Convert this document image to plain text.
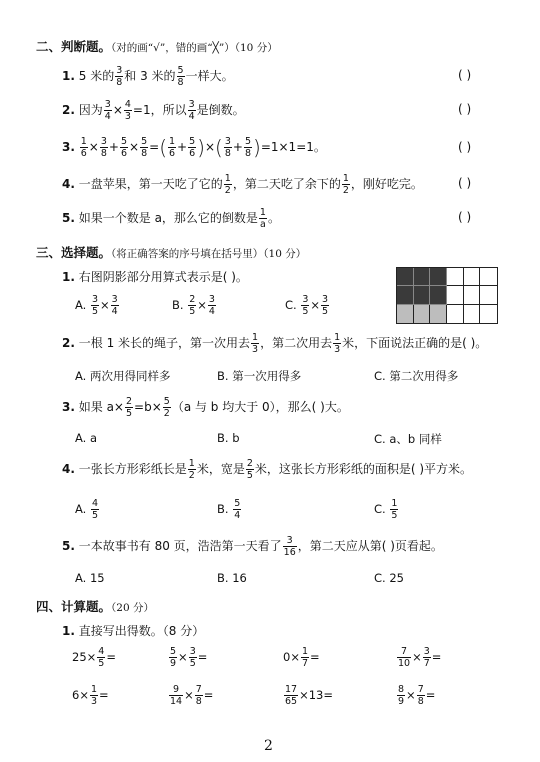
二、判断题。（对的画“√”，错的画“╳”）（10 分）
1. 5 米的 $\frac{3}{8}$ 和 3 米的 $\frac{5}{8}$ 一样大。	( )
2. 因为 $\frac{3}{4} \times \frac{4}{3} =1$，所以 $\frac{3}{4}$ 是倒数。	( )
3. $\frac{1}{6} \times \frac{3}{8} + \frac{5}{6} \times \frac{5}{8}$ =( $\frac{1}{6} + \frac{5}{6}$ )×( $\frac{3}{8} + \frac{5}{8} )=1\times 1=1$。	( )
4. 一盘苹果，第一天吃了它的 $\frac{1}{2}$ ，第二天吃了余下的 $\frac{1}{2}$ ，刚好吃完。	( )
5. 如果一个数是 a，那么它的倒数是 $\frac{1}{a}$ 。	( )
三、选择题。（将正确答案的序号填在括号里）（10 分）
1. 右图阴影部分用算式表示是( )。
A. $\frac{3}{5} \times \frac{3}{4}$	B. $\frac{2}{5} \times \frac{3}{4}$	C. $\frac{3}{5} \times \frac{3}{5}$
2. 一根 1 米长的绳子，第一次用去 $\frac{1}{3}$ ，第二次用去 $\frac{1}{3}$ 米，下面说法正确的是( )。
A. 两次用得同样多	B. 第一次用得多	C. 第二次用得多
3. 如果 $a\times \frac{2}{5} =b\times \frac{5}{2} (a$ 与 b 均大于 0），那么( )大。
A. a	B. b	C. a、b 同样
4. 一张长方形彩纸长是 $\frac{1}{2}$ 米，宽是 $\frac{2}{5}$ 米，这张长方形彩纸的面积是( )平方米。
A. $\frac{4}{5}$	B. $\frac{5}{4}$	C. $\frac{1}{5}$
5. 一本故事书有 80 页，浩浩第一天看了 $\frac{3}{16}$ ，第二天应从第( )页看起。
A. 15	B. 16	C. 25
四、计算题。（20 分）
1. 直接写出得数。（8 分）
$25\times \frac{4}{5}$ =	$\frac{5}{9} \times \frac{3}{5}$ =	$0\times \frac{1}{7}$ =	$\frac{7}{10} \times \frac{3}{7}$ =
$6\times \frac{1}{3}$ =	$\frac{9}{14} \times \frac{7}{8}$ =	$\frac{17}{65} \times 13=$	$\frac{8}{9} \times \frac{7}{8}$ =
2
